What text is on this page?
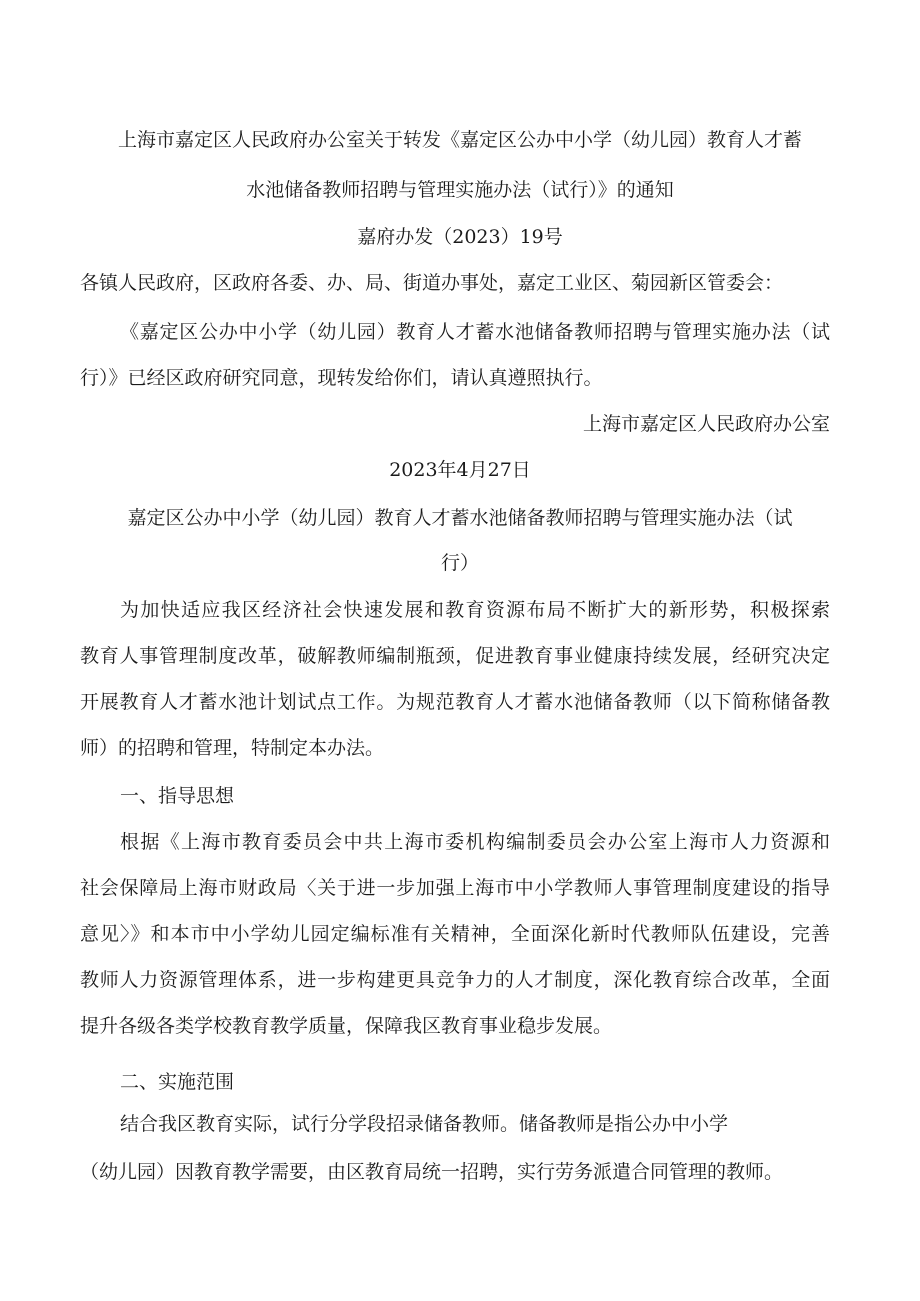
上海市嘉定区人民政府办公室关于转发《嘉定区公办中小学（幼儿园）教育人才蓄
水池储备教师招聘与管理实施办法（试行）》的通知
嘉府办发（2023）19号
各镇人民政府，区政府各委、办、局、街道办事处，嘉定工业区、菊园新区管委会：
《嘉定区公办中小学（幼儿园）教育人才蓄水池储备教师招聘与管理实施办法（试
行）》已经区政府研究同意，现转发给你们，请认真遵照执行。
上海市嘉定区人民政府办公室
2023年4月27日
嘉定区公办中小学（幼儿园）教育人才蓄水池储备教师招聘与管理实施办法（试
行）
为加快适应我区经济社会快速发展和教育资源布局不断扩大的新形势，积极探索
教育人事管理制度改革，破解教师编制瓶颈，促进教育事业健康持续发展，经研究决定
开展教育人才蓄水池计划试点工作。为规范教育人才蓄水池储备教师（以下简称储备教
师）的招聘和管理，特制定本办法。
一、指导思想
根据《上海市教育委员会中共上海市委机构编制委员会办公室上海市人力资源和
社会保障局上海市财政局〈关于进一步加强上海市中小学教师人事管理制度建设的指导
意见〉》和本市中小学幼儿园定编标准有关精神，全面深化新时代教师队伍建设，完善
教师人力资源管理体系，进一步构建更具竞争力的人才制度，深化教育综合改革，全面
提升各级各类学校教育教学质量，保障我区教育事业稳步发展。
二、实施范围
结合我区教育实际，试行分学段招录储备教师。储备教师是指公办中小学
（幼儿园）因教育教学需要，由区教育局统一招聘，实行劳务派遣合同管理的教师。
